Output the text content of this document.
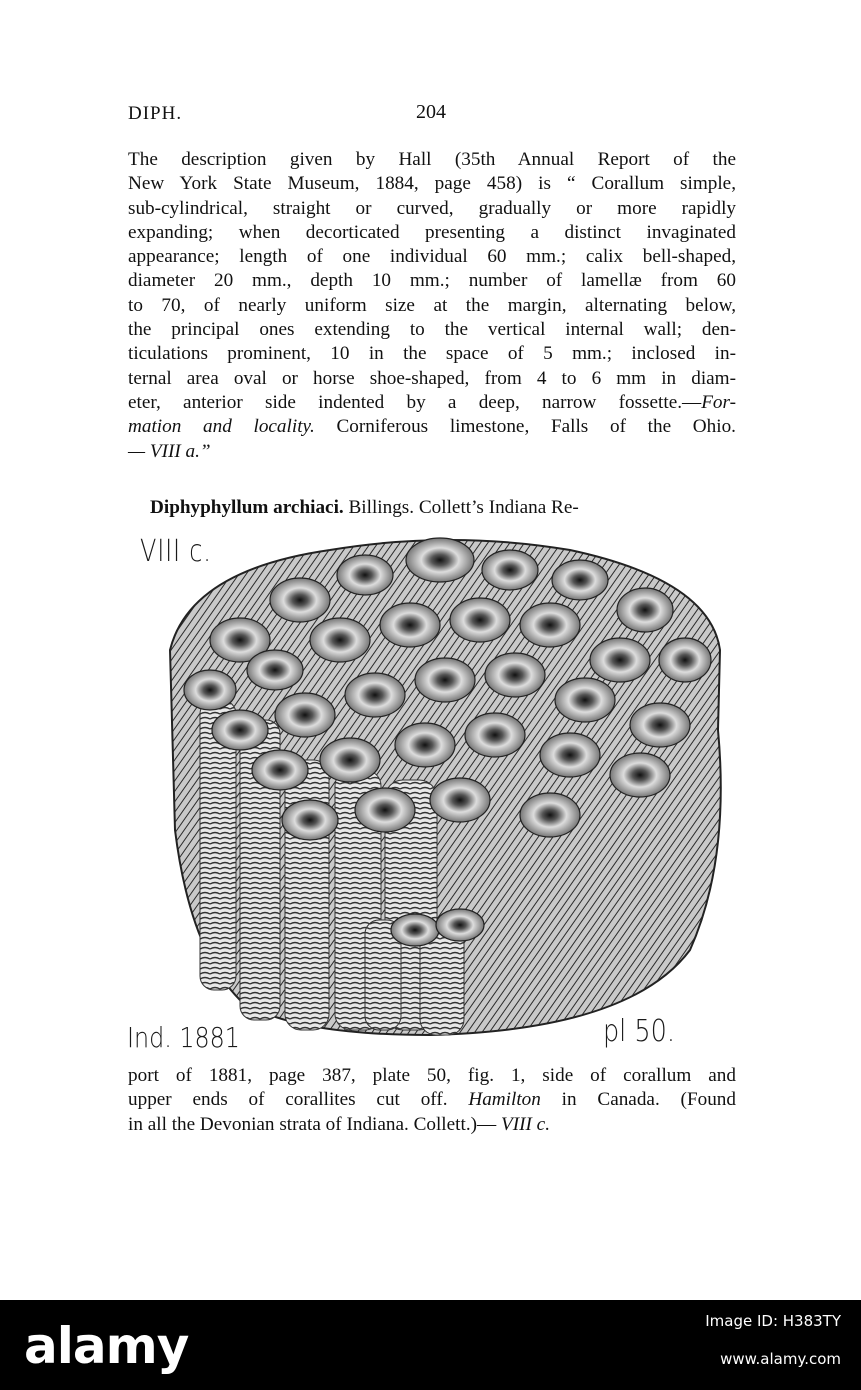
DIPH.	204
The description given by Hall (35th Annual Report of the
New York State Museum, 1884, page 458) is “ Corallum simple,
sub-cylindrical, straight or curved, gradually or more rapidly
expanding; when decorticated presenting a distinct invaginated
appearance; length of one individual 60 mm.; calix bell-shaped,
diameter 20 mm., depth 10 mm.; number of lamellæ from 60
to 70, of nearly uniform size at the margin, alternating below,
the principal ones extending to the vertical internal wall; den-
ticulations prominent, 10 in the space of 5 mm.; inclosed in-
ternal area oval or horse shoe-shaped, from 4 to 6 mm in diam-
eter, anterior side indented by a deep, narrow fossette.—For-
mation and locality. Corniferous limestone, Falls of the Ohio.
— VIII a.”
Diphyphyllum archiaci. Billings. Collett’s Indiana Re-
VIII c.
Ind. 1881	pl 50.
port of 1881, page 387, plate 50, fig. 1, side of corallum and
upper ends of corallites cut off. Hamilton in Canada. (Found
in all the Devonian strata of Indiana. Collett.)— VIII c.
alamy	Image ID: H383TY
www.alamy.com
